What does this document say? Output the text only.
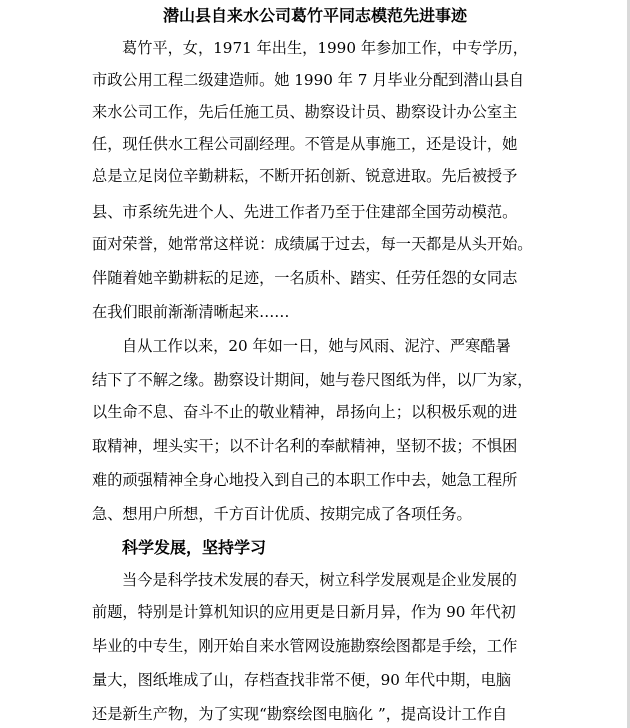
潜山县自来水公司葛竹平同志模范先进事迹
葛竹平，女，1971 年出生，1990 年参加工作，中专学历，
市政公用工程二级建造师。她 1990 年 7 月毕业分配到潜山县自
来水公司工作，先后任施工员、勘察设计员、勘察设计办公室主
任，现任供水工程公司副经理。不管是从事施工，还是设计，她
总是立足岗位辛勤耕耘，不断开拓创新、锐意进取。先后被授予
县、市系统先进个人、先进工作者乃至于住建部全国劳动模范。
面对荣誉，她常常这样说：成绩属于过去，每一天都是从头开始。
伴随着她辛勤耕耘的足迹，一名质朴、踏实、任劳任怨的女同志
在我们眼前渐渐清晰起来……
自从工作以来，20 年如一日，她与风雨、泥泞、严寒酷暑
结下了不解之缘。勘察设计期间，她与卷尺图纸为伴，以厂为家，
以生命不息、奋斗不止的敬业精神，昂扬向上；以积极乐观的进
取精神，埋头实干；以不计名利的奉献精神，坚韧不拔；不惧困
难的顽强精神全身心地投入到自己的本职工作中去，她急工程所
急、想用户所想，千方百计优质、按期完成了各项任务。
科学发展，坚持学习
当今是科学技术发展的春天，树立科学发展观是企业发展的
前题，特别是计算机知识的应用更是日新月异，作为 90 年代初
毕业的中专生，刚开始自来水管网设施勘察绘图都是手绘，工作
量大，图纸堆成了山，存档查找非常不便，90 年代中期，电脑
还是新生产物，为了实现“勘察绘图电脑化 ”，提高设计工作自
